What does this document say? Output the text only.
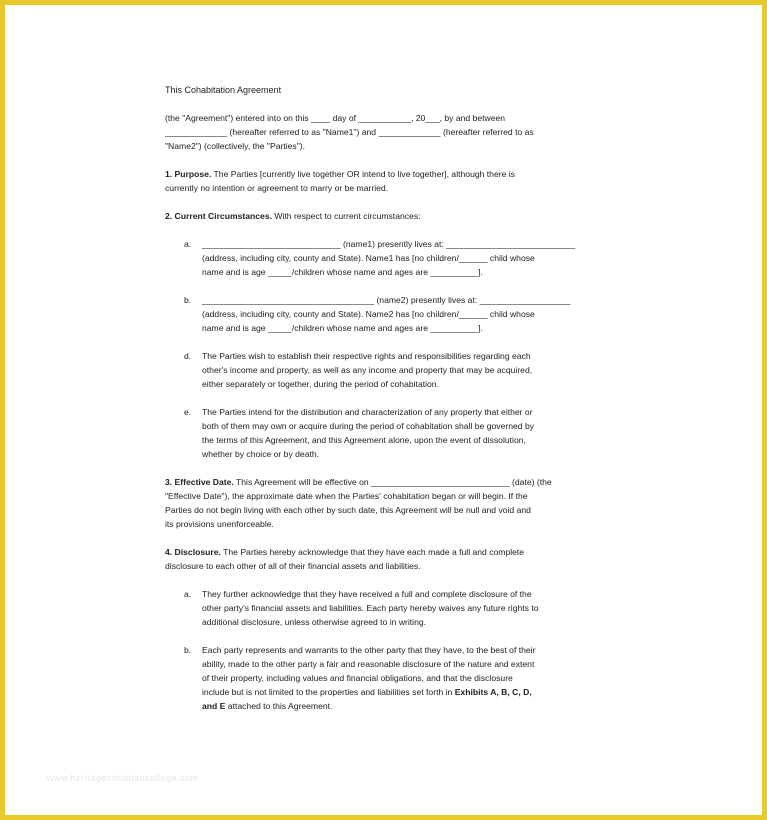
This Cohabitation Agreement

(the "Agreement") entered into on this ____ day of ___________, 20___, by and between

_____________ (hereafter referred to as "Name1") and _____________ (hereafter referred to as

"Name2") (collectively, the "Parties").

1. Purpose. The Parties [currently live together OR intend to live together], although there is

currently no intention or agreement to marry or be married.

2. Current Circumstances. With respect to current circumstances:

a. _____________________________ (name1) presently lives at: ___________________________

(address, including city, county and State). Name1 has [no children/______ child whose

name and is age _____/children whose name and ages are __________].

b. ____________________________________ (name2) presently lives at: ___________________

(address, including city, county and State). Name2 has [no children/______ child whose

name and is age _____/children whose name and ages are __________].

d. The Parties wish to establish their respective rights and responsibilities regarding each

other's income and property, as well as any income and property that may be acquired,

either separately or together, during the period of cohabitation.

e. The Parties intend for the distribution and characterization of any property that either or

both of them may own or acquire during the period of cohabitation shall be governed by

the terms of this Agreement, and this Agreement alone, upon the event of dissolution,

whether by choice or by death.

3. Effective Date. This Agreement will be effective on _____________________________ (date) (the

"Effective Date"), the approximate date when the Parties' cohabitation began or will begin. If the

Parties do not begin living with each other by such date, this Agreement will be null and void and

its provisions unenforceable.

4. Disclosure. The Parties hereby acknowledge that they have each made a full and complete

disclosure to each other of all of their financial assets and liabilities.

a. They further acknowledge that they have received a full and complete disclosure of the

other party's financial assets and liabilities. Each party hereby waives any future rights to

additional disclosure, unless otherwise agreed to in writing.

b. Each party represents and warrants to the other party that they have, to the best of their

ability, made to the other party a fair and reasonable disclosure of the nature and extent

of their property, including values and financial obligations, and that the disclosure

include but is not limited to the properties and liabilities set forth in Exhibits A, B, C, D,

and E attached to this Agreement.

www.heritagechristiancollege.com
